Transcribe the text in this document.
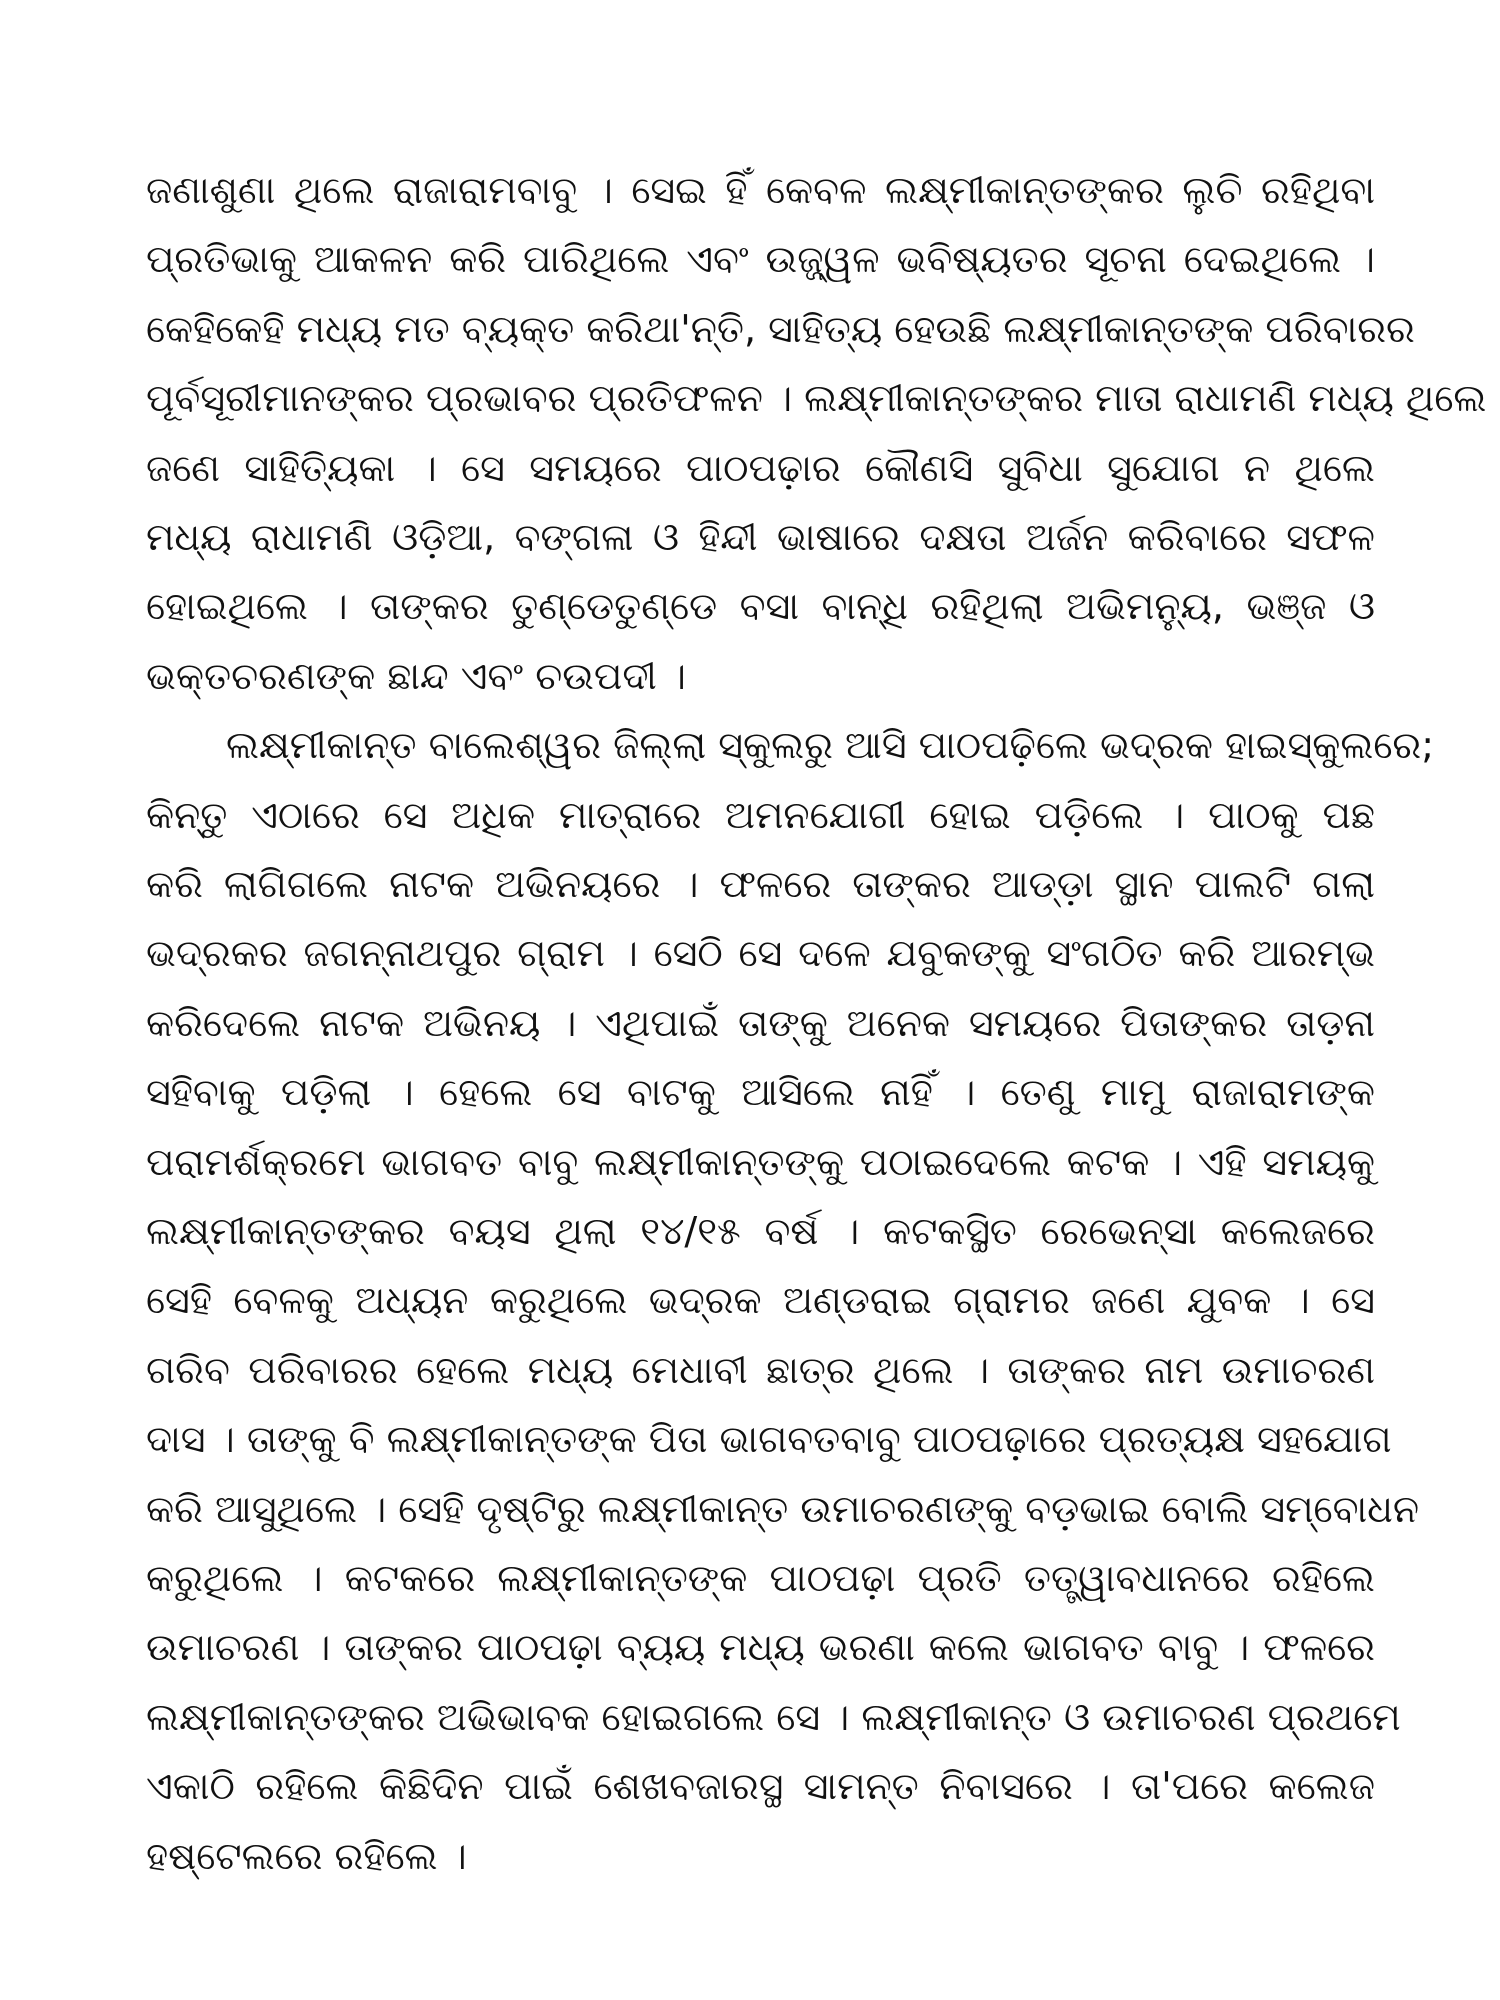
ଜଣାଶୁଣା ଥିଲେ ରାଜାରାମବାବୁ । ସେଇ ହିଁ କେବଳ ଲକ୍ଷ୍ମୀକାନ୍ତଙ୍କର ଲୁଚି ରହିଥିବା
ପ୍ରତିଭାକୁ ଆକଳନ କରି ପାରିଥିଲେ ଏବଂ ଉଜ୍ଜ୍ୱଳ ଭବିଷ୍ୟତର ସୂଚନା ଦେଇଥିଲେ ।
କେହିକେହି ମଧ୍ୟ ମତ ବ୍ୟକ୍ତ କରିଥା'ନ୍ତି, ସାହିତ୍ୟ ହେଉଛି ଲକ୍ଷ୍ମୀକାନ୍ତଙ୍କ ପରିବାରର
ପୂର୍ବସୂରୀମାନଙ୍କର ପ୍ରଭାବର ପ୍ରତିଫଳନ । ଲକ୍ଷ୍ମୀକାନ୍ତଙ୍କର ମାତା ରାଧାମଣି ମଧ୍ୟ ଥିଲେ
ଜଣେ ସାହିତ୍ୟିକା । ସେ ସମୟରେ ପାଠପଢ଼ାର କୌଣସି ସୁବିଧା ସୁଯୋଗ ନ ଥିଲେ
ମଧ୍ୟ ରାଧାମଣି ଓଡ଼ିଆ, ବଙ୍ଗଳା ଓ ହିନ୍ଦୀ ଭାଷାରେ ଦକ୍ଷତା ଅର୍ଜନ କରିବାରେ ସଫଳ
ହୋଇଥିଲେ । ତାଙ୍କର ତୁଣ୍ଡେତୁଣ୍ଡେ ବସା ବାନ୍ଧି ରହିଥିଲା ଅଭିମନ୍ୟୁ, ଭଞ୍ଜ ଓ
ଭକ୍ତଚରଣଙ୍କ ଛାନ୍ଦ ଏବଂ ଚଉପଦୀ ।
ଲକ୍ଷ୍ମୀକାନ୍ତ ବାଲେଶ୍ୱର ଜିଲ୍ଲା ସ୍କୁଲରୁ ଆସି ପାଠପଢ଼ିଲେ ଭଦ୍ରକ ହାଇସ୍କୁଲରେ;
କିନ୍ତୁ ଏଠାରେ ସେ ଅଧିକ ମାତ୍ରାରେ ଅମନଯୋଗୀ ହୋଇ ପଡ଼ିଲେ । ପାଠକୁ ପଛ
କରି ଲାଗିଗଲେ ନାଟକ ଅଭିନୟରେ । ଫଳରେ ତାଙ୍କର ଆଡ୍‌ଡ଼ା ସ୍ଥାନ ପାଲଟି ଗଲା
ଭଦ୍ରକର ଜଗନ୍ନାଥପୁର ଗ୍ରାମ । ସେଠି ସେ ଦଳେ ଯବୁକଙ୍କୁ ସଂଗଠିତ କରି ଆରମ୍ଭ
କରିଦେଲେ ନାଟକ ଅଭିନୟ । ଏଥିପାଇଁ ତାଙ୍କୁ ଅନେକ ସମୟରେ ପିତାଙ୍କର ତାଡ଼ନା
ସହିବାକୁ ପଡ଼ିଲା । ହେଲେ ସେ ବାଟକୁ ଆସିଲେ ନାହିଁ । ତେଣୁ ମାମୁ ରାଜାରାମଙ୍କ
ପରାମର୍ଶକ୍ରମେ ଭାଗବତ ବାବୁ ଲକ୍ଷ୍ମୀକାନ୍ତଙ୍କୁ ପଠାଇଦେଲେ କଟକ । ଏହି ସମୟକୁ
ଲକ୍ଷ୍ମୀକାନ୍ତଙ୍କର ବୟସ ଥିଲା ୧୪/୧୫ ବର୍ଷ । କଟକସ୍ଥିତ ରେଭେନ୍‌ସା କଲେଜରେ
ସେହି ବେଳକୁ ଅଧ୍ୟନ କରୁଥିଲେ ଭଦ୍ରକ ଅଣ୍ଡରାଇ ଗ୍ରାମର ଜଣେ ଯୁବକ । ସେ
ଗରିବ ପରିବାରର ହେଲେ ମଧ୍ୟ ମେଧାବୀ ଛାତ୍ର ଥିଲେ । ତାଙ୍କର ନାମ ଉମାଚରଣ
ଦାସ । ତାଙ୍କୁ ବି ଲକ୍ଷ୍ମୀକାନ୍ତଙ୍କ ପିତା ଭାଗବତବାବୁ ପାଠପଢ଼ାରେ ପ୍ରତ୍ୟକ୍ଷ ସହଯୋଗ
କରି ଆସୁଥିଲେ । ସେହି ଦୃଷ୍ଟିରୁ ଲକ୍ଷ୍ମୀକାନ୍ତ ଉମାଚରଣଙ୍କୁ ବଡ଼ଭାଇ ବୋଲି ସମ୍ବୋଧନ
କରୁଥିଲେ । କଟକରେ ଲକ୍ଷ୍ମୀକାନ୍ତଙ୍କ ପାଠପଢ଼ା ପ୍ରତି ତତ୍ତ୍ୱାବଧାନରେ ରହିଲେ
ଉମାଚରଣ । ତାଙ୍କର ପାଠପଢ଼ା ବ୍ୟୟ ମଧ୍ୟ ଭରଣା କଲେ ଭାଗବତ ବାବୁ । ଫଳରେ
ଲକ୍ଷ୍ମୀକାନ୍ତଙ୍କର ଅଭିଭାବକ ହୋଇଗଲେ ସେ । ଲକ୍ଷ୍ମୀକାନ୍ତ ଓ ଉମାଚରଣ ପ୍ରଥମେ
ଏକାଠି ରହିଲେ କିଛିଦିନ ପାଇଁ ଶେଖବଜାରସ୍ଥ ସାମନ୍ତ ନିବାସରେ । ତା'ପରେ କଲେଜ
ହଷ୍ଟେଲରେ ରହିଲେ ।
